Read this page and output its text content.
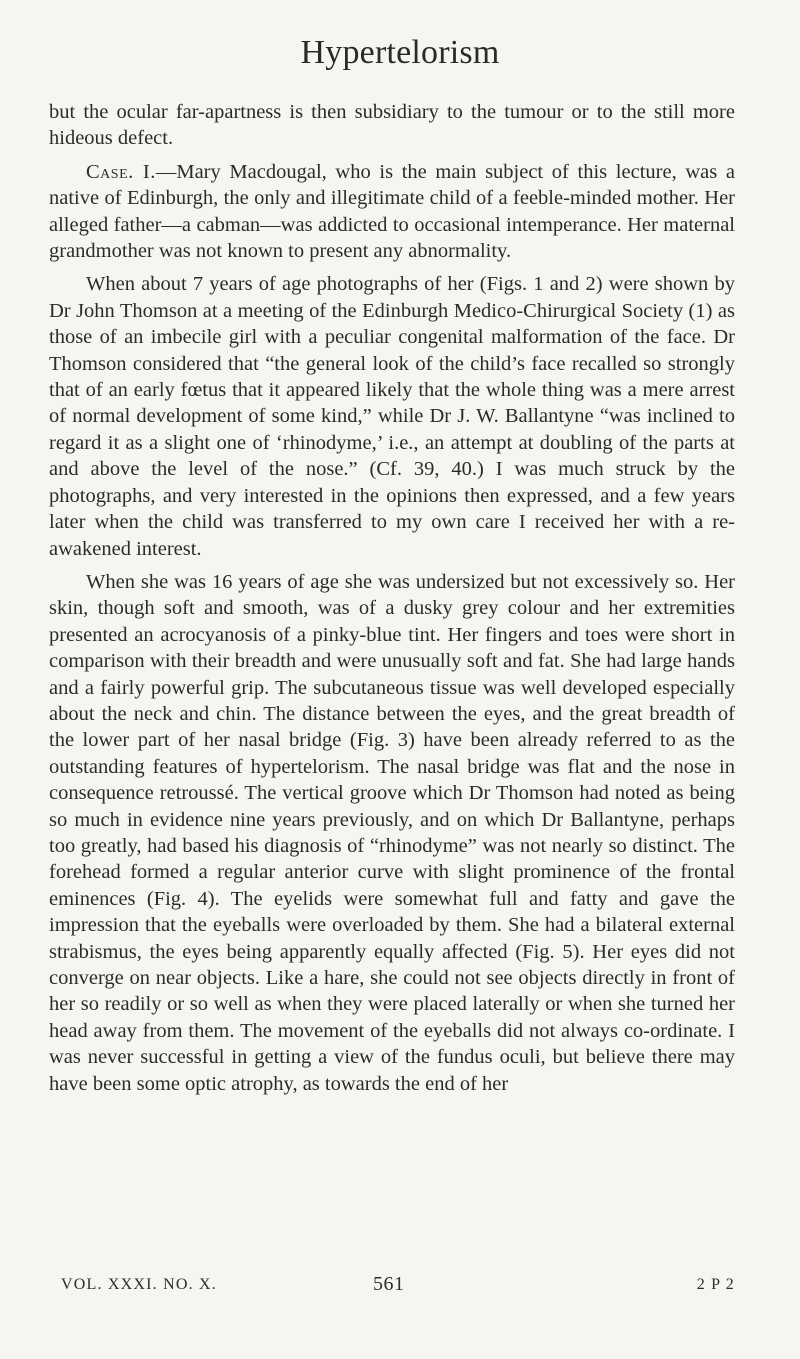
Hypertelorism

but the ocular far-apartness is then subsidiary to the tumour or to the still more hideous defect.

Case. I.—Mary Macdougal, who is the main subject of this lecture, was a native of Edinburgh, the only and illegitimate child of a feeble-minded mother. Her alleged father—a cabman—was addicted to occasional intemperance. Her maternal grandmother was not known to present any abnormality.

When about 7 years of age photographs of her (Figs. 1 and 2) were shown by Dr John Thomson at a meeting of the Edinburgh Medico-Chirurgical Society (1) as those of an imbecile girl with a peculiar congenital malformation of the face. Dr Thomson considered that “the general look of the child’s face recalled so strongly that of an early fœtus that it appeared likely that the whole thing was a mere arrest of normal development of some kind,” while Dr J. W. Ballantyne “was inclined to regard it as a slight one of ‘rhinodyme,’ i.e., an attempt at doubling of the parts at and above the level of the nose.” (Cf. 39, 40.) I was much struck by the photographs, and very interested in the opinions then expressed, and a few years later when the child was transferred to my own care I received her with a re-awakened interest.

When she was 16 years of age she was undersized but not excessively so. Her skin, though soft and smooth, was of a dusky grey colour and her extremities presented an acrocyanosis of a pinky-blue tint. Her fingers and toes were short in comparison with their breadth and were unusually soft and fat. She had large hands and a fairly powerful grip. The subcutaneous tissue was well developed especially about the neck and chin. The distance between the eyes, and the great breadth of the lower part of her nasal bridge (Fig. 3) have been already referred to as the outstanding features of hypertelorism. The nasal bridge was flat and the nose in consequence retroussé. The vertical groove which Dr Thomson had noted as being so much in evidence nine years previously, and on which Dr Ballantyne, perhaps too greatly, had based his diagnosis of “rhinodyme” was not nearly so distinct. The forehead formed a regular anterior curve with slight prominence of the frontal eminences (Fig. 4). The eyelids were somewhat full and fatty and gave the impression that the eyeballs were overloaded by them. She had a bilateral external strabismus, the eyes being apparently equally affected (Fig. 5). Her eyes did not converge on near objects. Like a hare, she could not see objects directly in front of her so readily or so well as when they were placed laterally or when she turned her head away from them. The movement of the eyeballs did not always co-ordinate. I was never successful in getting a view of the fundus oculi, but believe there may have been some optic atrophy, as towards the end of her

VOL. XXXI. NO. X.	561	2 P 2
